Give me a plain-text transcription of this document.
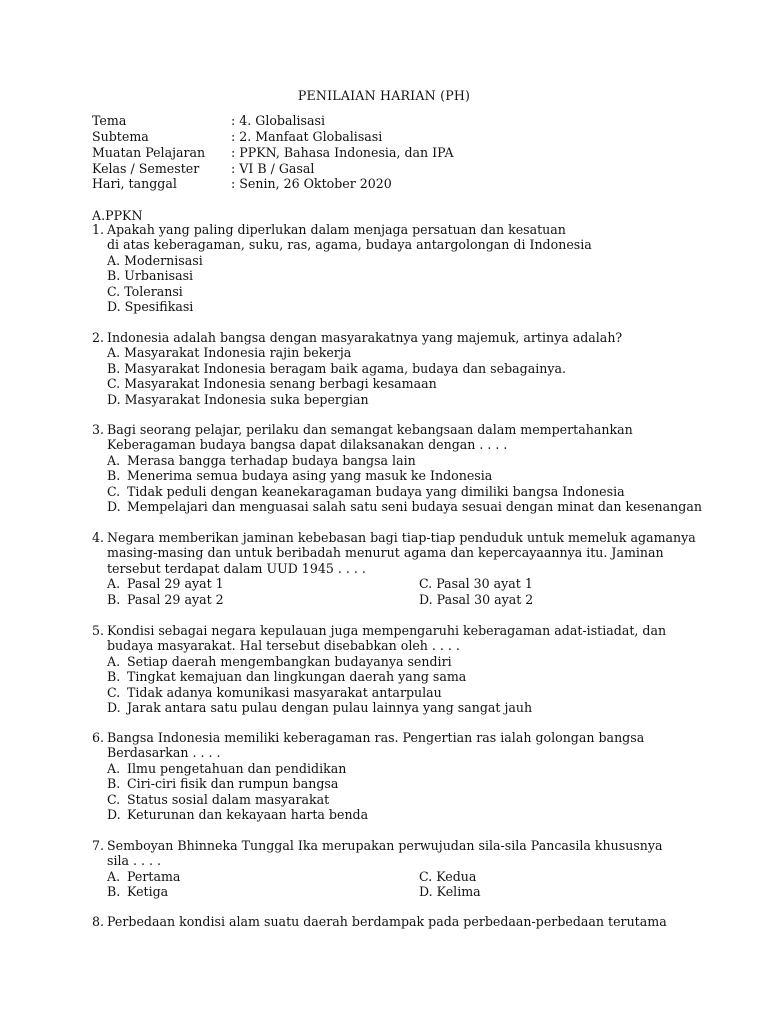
PENILAIAN HARIAN (PH)
Tema	: 4. Globalisasi
Subtema	: 2. Manfaat Globalisasi
Muatan Pelajaran : PPKN, Bahasa Indonesia, dan IPA
Kelas / Semester	: VI B / Gasal
Hari, tanggal	: Senin, 26 Oktober 2020
A.PPKN
1. Apakah yang paling diperlukan dalam menjaga persatuan dan kesatuan
di atas keberagaman, suku, ras, agama, budaya antargolongan di Indonesia
A. Modernisasi
B. Urbanisasi
C. Toleransi
D. Spesifikasi
2. Indonesia adalah bangsa dengan masyarakatnya yang majemuk, artinya adalah?
A. Masyarakat Indonesia rajin bekerja
B. Masyarakat Indonesia beragam baik agama, budaya dan sebagainya.
C. Masyarakat Indonesia senang berbagi kesamaan
D. Masyarakat Indonesia suka bepergian
3. Bagi seorang pelajar, perilaku dan semangat kebangsaan dalam mempertahankan
Keberagaman budaya bangsa dapat dilaksanakan dengan . . . .
A. Merasa bangga terhadap budaya bangsa lain
B. Menerima semua budaya asing yang masuk ke Indonesia
C. Tidak peduli dengan keanekaragaman budaya yang dimiliki bangsa Indonesia
D. Mempelajari dan menguasai salah satu seni budaya sesuai dengan minat dan kesenangan
4. Negara memberikan jaminan kebebasan bagi tiap-tiap penduduk untuk memeluk agamanya
masing-masing dan untuk beribadah menurut agama dan kepercayaannya itu. Jaminan
tersebut terdapat dalam UUD 1945 . . . .
A. Pasal 29 ayat 1	C. Pasal 30 ayat 1
B. Pasal 29 ayat 2	D. Pasal 30 ayat 2
5. Kondisi sebagai negara kepulauan juga mempengaruhi keberagaman adat-istiadat, dan
budaya masyarakat. Hal tersebut disebabkan oleh . . . .
A. Setiap daerah mengembangkan budayanya sendiri
B. Tingkat kemajuan dan lingkungan daerah yang sama
C. Tidak adanya komunikasi masyarakat antarpulau
D. Jarak antara satu pulau dengan pulau lainnya yang sangat jauh
6. Bangsa Indonesia memiliki keberagaman ras. Pengertian ras ialah golongan bangsa
Berdasarkan . . . .
A. Ilmu pengetahuan dan pendidikan
B. Ciri-ciri fisik dan rumpun bangsa
C. Status sosial dalam masyarakat
D. Keturunan dan kekayaan harta benda
7. Semboyan Bhinneka Tunggal Ika merupakan perwujudan sila-sila Pancasila khususnya
sila . . . .
A. Pertama	C. Kedua
B. Ketiga	D. Kelima
8. Perbedaan kondisi alam suatu daerah berdampak pada perbedaan-perbedaan terutama
